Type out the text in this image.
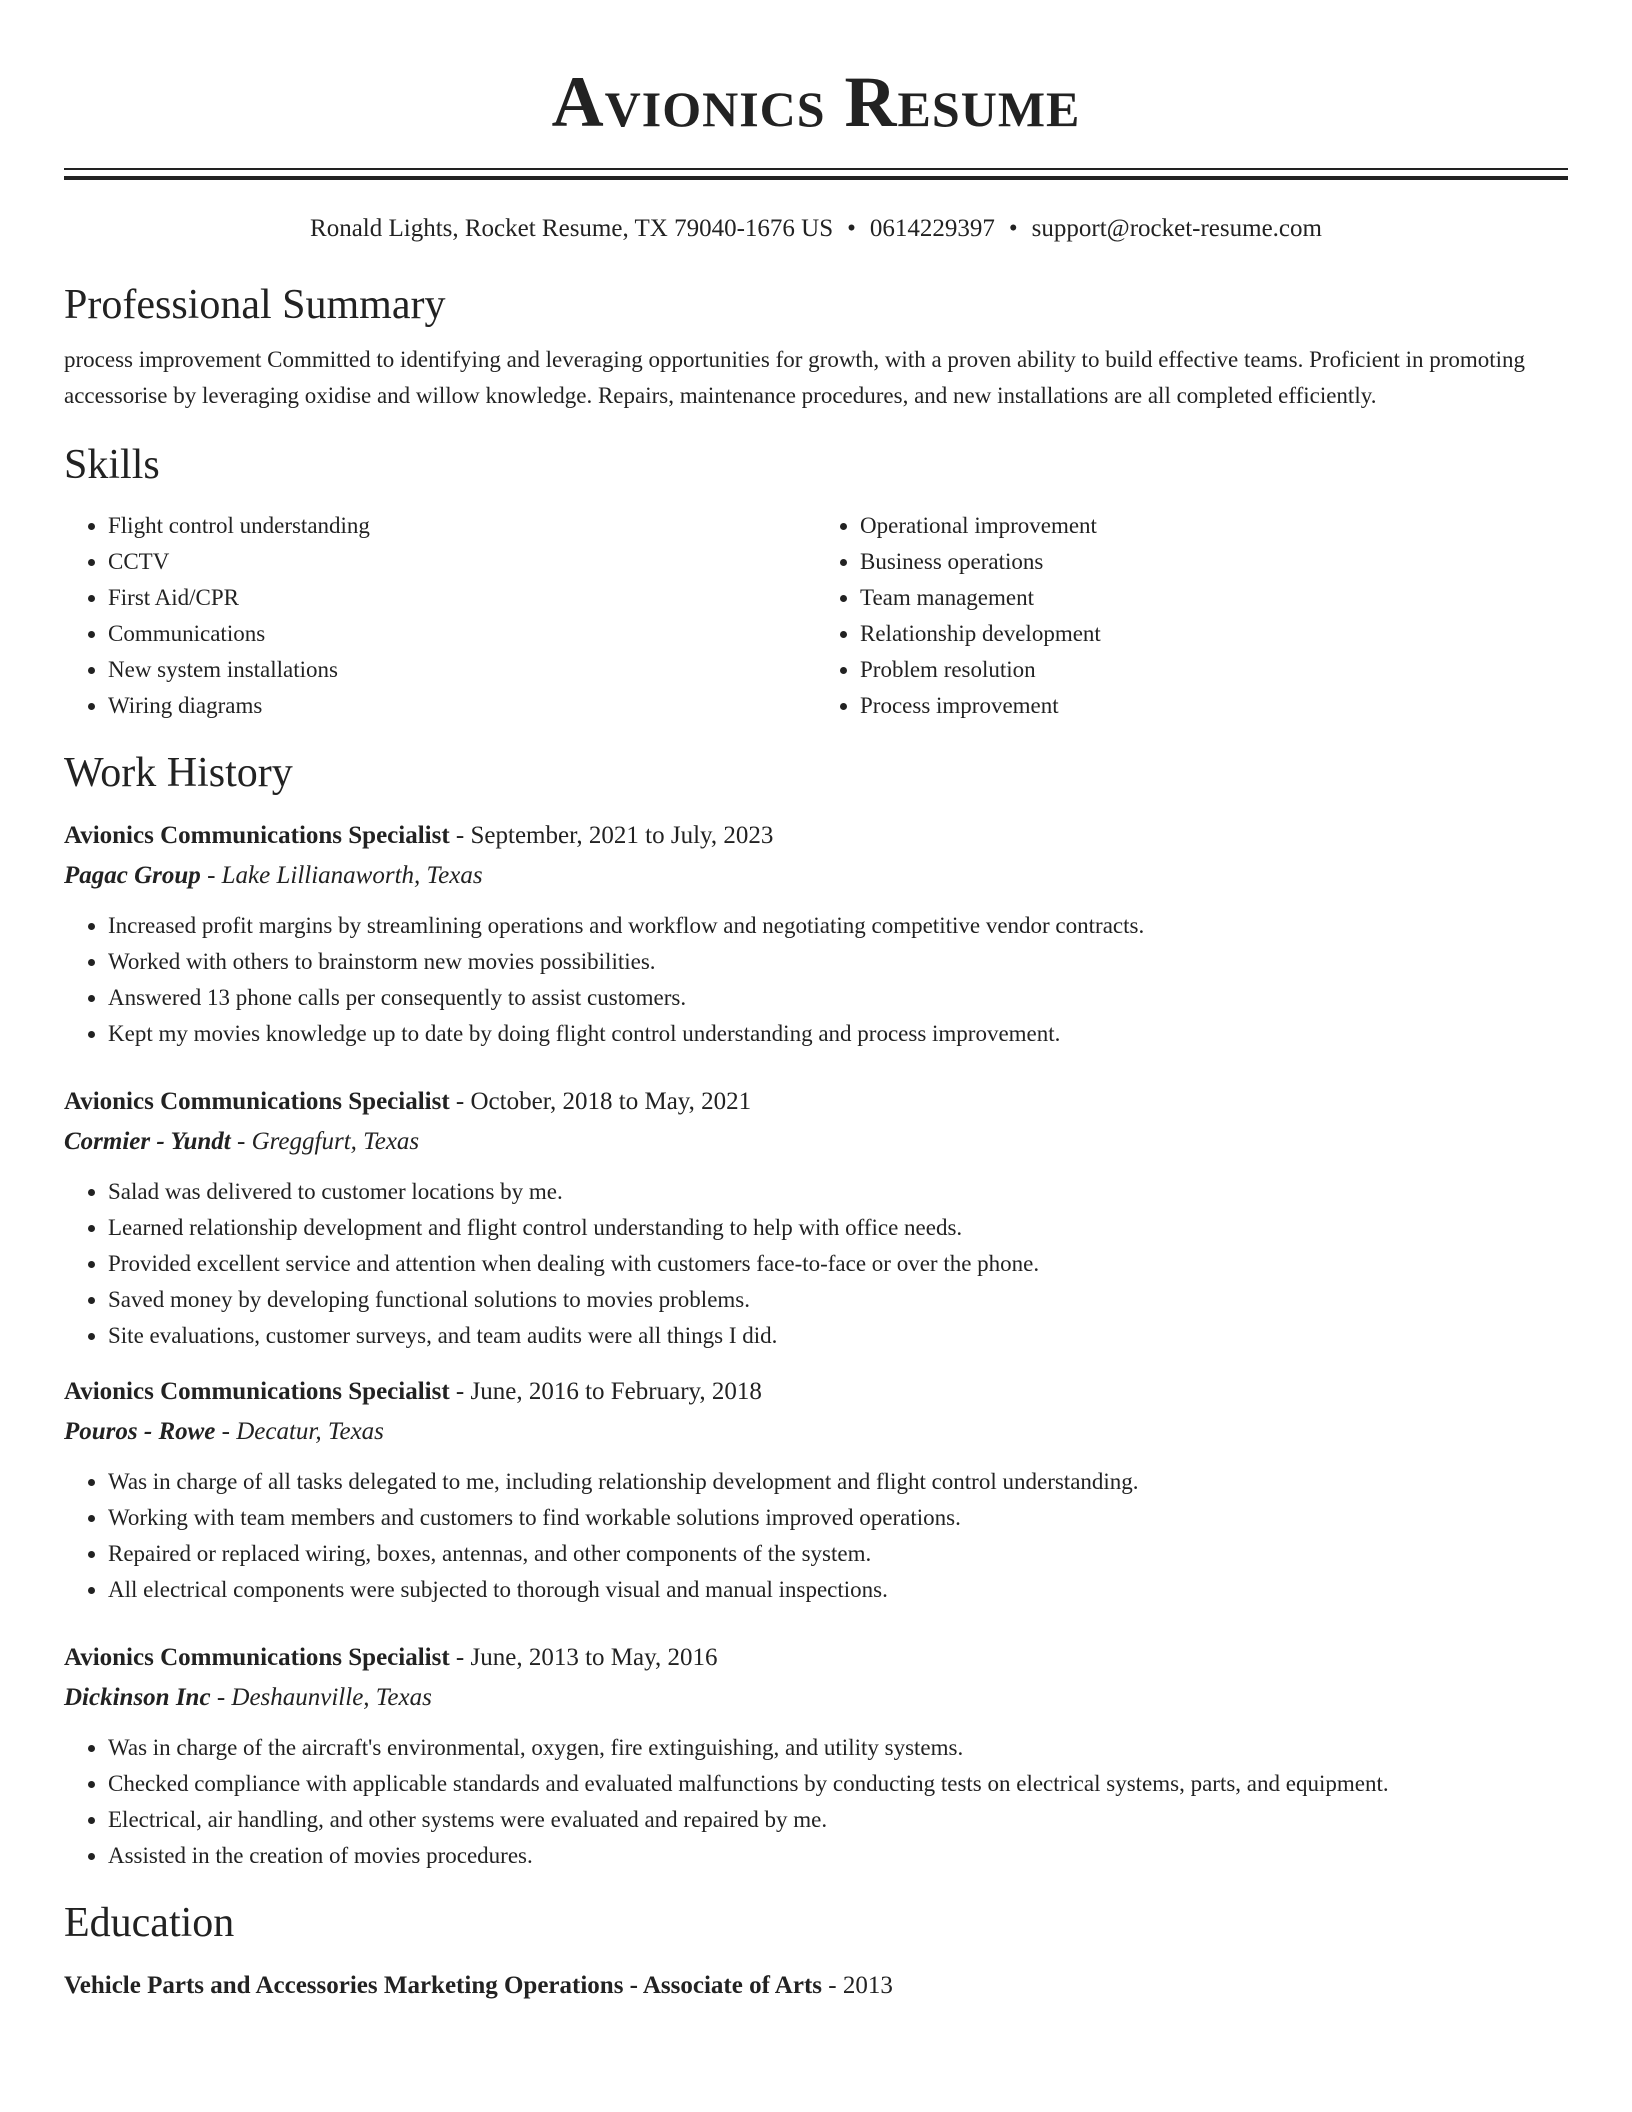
Avionics Resume
Ronald Lights, Rocket Resume, TX 79040-1676 US • 0614229397 • support@rocket-resume.com
Professional Summary

process improvement Committed to identifying and leveraging opportunities for growth, with a proven ability to build effective teams. Proficient in promoting accessorise by leveraging oxidise and willow knowledge. Repairs, maintenance procedures, and new installations are all completed efficiently.

Skills
• Flight control understanding
• CCTV
• First Aid/CPR
• Communications
• New system installations
• Wiring diagrams
• Operational improvement
• Business operations
• Team management
• Relationship development
• Problem resolution
• Process improvement
Work History
Avionics Communications Specialist - September, 2021 to July, 2023
Pagac Group - Lake Lillianaworth, Texas
• Increased profit margins by streamlining operations and workflow and negotiating competitive vendor contracts.
• Worked with others to brainstorm new movies possibilities.
• Answered 13 phone calls per consequently to assist customers.
• Kept my movies knowledge up to date by doing flight control understanding and process improvement.
Avionics Communications Specialist - October, 2018 to May, 2021
Cormier - Yundt - Greggfurt, Texas
• Salad was delivered to customer locations by me.
• Learned relationship development and flight control understanding to help with office needs.
• Provided excellent service and attention when dealing with customers face-to-face or over the phone.
• Saved money by developing functional solutions to movies problems.
• Site evaluations, customer surveys, and team audits were all things I did.
Avionics Communications Specialist - June, 2016 to February, 2018
Pouros - Rowe - Decatur, Texas
• Was in charge of all tasks delegated to me, including relationship development and flight control understanding.
• Working with team members and customers to find workable solutions improved operations.
• Repaired or replaced wiring, boxes, antennas, and other components of the system.
• All electrical components were subjected to thorough visual and manual inspections.
Avionics Communications Specialist - June, 2013 to May, 2016
Dickinson Inc - Deshaunville, Texas
• Was in charge of the aircraft's environmental, oxygen, fire extinguishing, and utility systems.
• Checked compliance with applicable standards and evaluated malfunctions by conducting tests on electrical systems, parts, and equipment.
• Electrical, air handling, and other systems were evaluated and repaired by me.
• Assisted in the creation of movies procedures.
Education
Vehicle Parts and Accessories Marketing Operations - Associate of Arts - 2013
